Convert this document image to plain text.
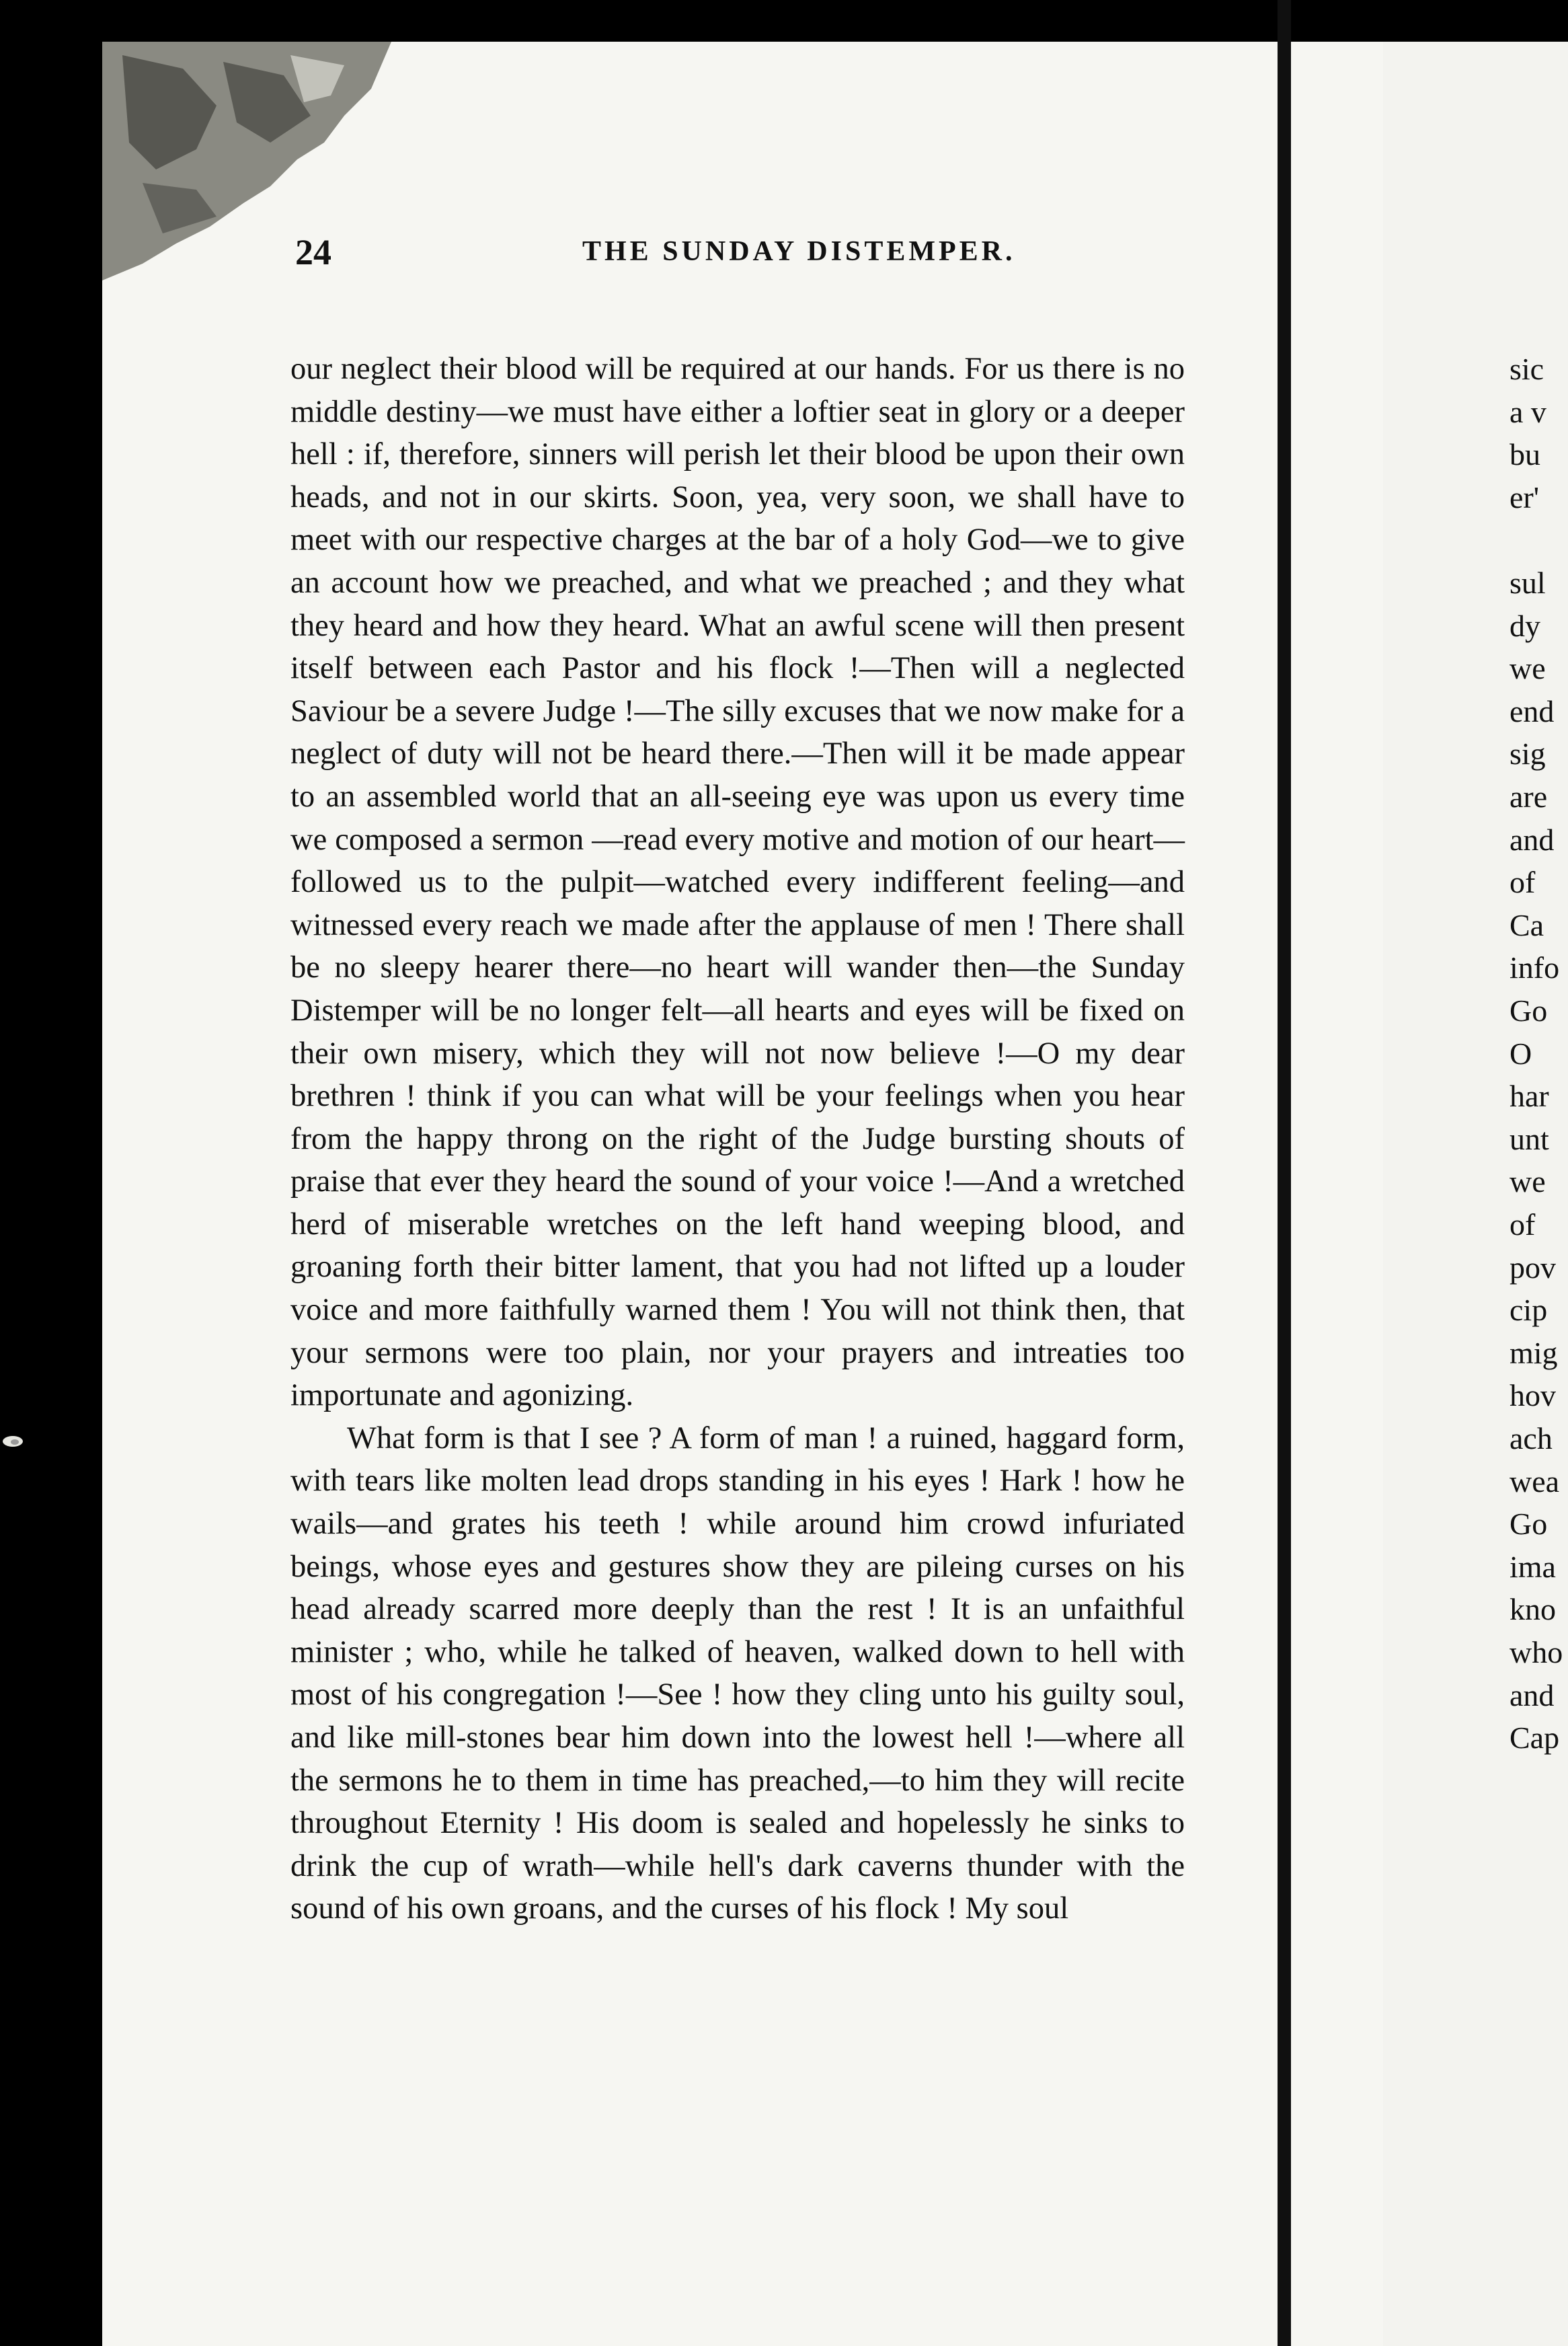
24	THE SUNDAY DISTEMPER.

our neglect their blood will be required at our hands. For us there is no middle destiny—we must have either a loftier seat in glory or a deeper hell : if, therefore, sinners will perish let their blood be upon their own heads, and not in our skirts. Soon, yea, very soon, we shall have to meet with our respective charges at the bar of a holy God—we to give an account how we preached, and what we preached ; and they what they heard and how they heard. What an awful scene will then present itself between each Pastor and his flock !—Then will a neglected Saviour be a severe Judge !—The silly excuses that we now make for a neglect of duty will not be heard there.—Then will it be made appear to an assembled world that an all-seeing eye was upon us every time we composed a sermon —read every motive and motion of our heart—followed us to the pulpit—watched every indifferent feeling—and witnessed every reach we made after the applause of men ! There shall be no sleepy hearer there—no heart will wander then—the Sunday Distemper will be no longer felt—all hearts and eyes will be fixed on their own misery, which they will not now believe !—O my dear brethren ! think if you can what will be your feelings when you hear from the happy throng on the right of the Judge bursting shouts of praise that ever they heard the sound of your voice !—And a wretched herd of miserable wretches on the left hand weeping blood, and groaning forth their bitter lament, that you had not lifted up a louder voice and more faithfully warned them ! You will not think then, that your sermons were too plain, nor your prayers and intreaties too importunate and agonizing.

What form is that I see ? A form of man ! a ruined, haggard form, with tears like molten lead drops standing in his eyes ! Hark ! how he wails—and grates his teeth ! while around him crowd infuriated beings, whose eyes and gestures show they are pileing curses on his head already scarred more deeply than the rest ! It is an unfaithful minister ; who, while he talked of heaven, walked down to hell with most of his congregation !—See ! how they cling unto his guilty soul, and like mill-stones bear him down into the lowest hell !—where all the sermons he to them in time has preached,—to him they will recite throughout Eternity ! His doom is sealed and hopelessly he sinks to drink the cup of wrath—while hell's dark caverns thunder with the sound of his own groans, and the curses of his flock ! My soul

sic
a v
bu
er'
sul
dy
we
end
sig
are
and
of
Ca
info
Go
O
har
unt
we
of
pov
cip
mig
hov
ach
wea
Go
ima
kno
who
and
Cap
